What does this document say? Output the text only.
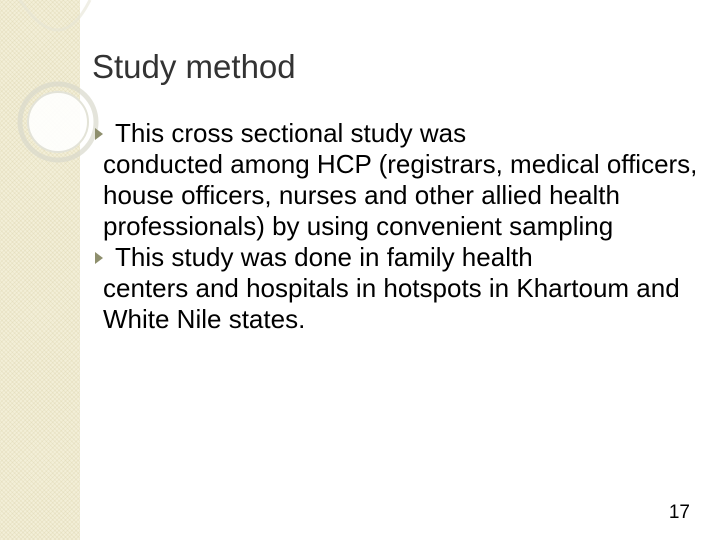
Study method
This cross sectional study was
conducted among HCP (registrars, medical officers, house officers, nurses and other allied health professionals) by using convenient sampling
This study was done in family health
centers and hospitals in hotspots in Khartoum and White Nile states.
17
